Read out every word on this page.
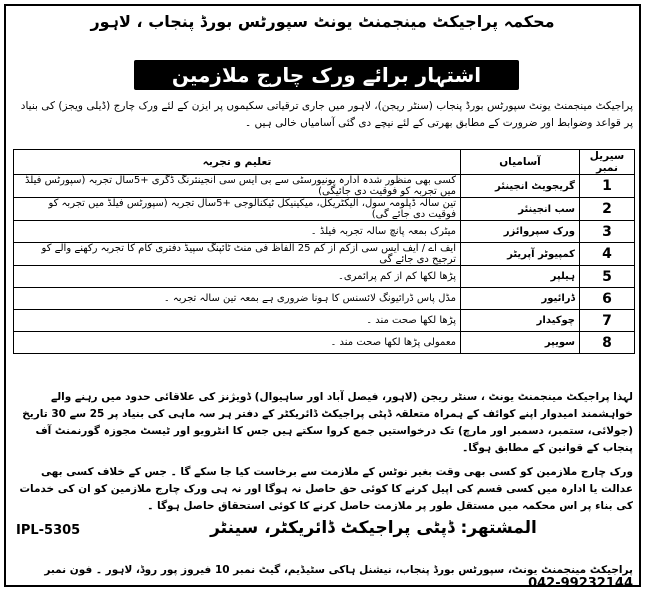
محکمہ پراجیکٹ مینجمنٹ یونٹ سپورٹس بورڈ پنجاب ، لاہور
اشتہار برائے ورک چارج ملازمین
پراجیکٹ مینجمنٹ یونٹ سپورٹس بورڈ پنجاب (سنٹر ریجن)، لاہور میں جاری ترقیاتی سکیموں پر ایزن کے لئے ورک چارج (ڈیلی ویجز) کی بنیاد پر قواعد وضوابط اور ضرورت کے مطابق بھرتی کے لئے نیچے دی گئی آسامیاں خالی ہیں ۔
سیریل نمبر	آسامیاں	تعلیم و تجربہ
1	گریجویٹ انجینئر	کسی بھی منظور شدہ ادارہ یونیورسٹی سے بی ایس سی انجینئرنگ ڈگری +5سال تجربہ (سپورٹس فیلڈ میں تجربہ کو فوقیت دی جائیگی)
2	سب انجینئر	تین سالہ ڈپلومہ سول، الیکٹریکل، میکینیکل ٹیکنالوجی +5سال تجربہ (سپورٹس فیلڈ میں تجربہ کو فوقیت دی جائے گی)
3	ورک سپروائزر	میٹرک بمعہ پانچ سالہ تجربہ فیلڈ ۔
4	کمپیوٹر آپریٹر	ایف اے / ایف ایس سی ازکم از کم 25 الفاظ فی منٹ ٹائپنگ سپیڈ دفتری کام کا تجربہ رکھنے والے کو ترجیح دی جائے گی
5	ہیلپر	پڑھا لکھا کم از کم پرائمری۔
6	ڈرائیور	مڈل پاس ڈرائیونگ لائسنس کا ہونا ضروری ہے بمعہ تین سالہ تجربہ ۔
7	چوکیدار	پڑھا لکھا صحت مند ۔
8	سویپر	معمولی پڑھا لکھا صحت مند ۔
لہذا پراجیکٹ مینجمنٹ یونٹ ، سنٹر ریجن (لاہور، فیصل آباد اور ساہیوال) ڈویژنز کی علاقائی حدود میں رہنے والے خواہشمند امیدوار اپنے کوائف کے ہمراہ متعلقہ ڈپٹی پراجیکٹ ڈائریکٹر کے دفتر ہر سہ ماہی کی بنیاد پر 25 سے 30 تاریخ (جولائی، ستمبر، دسمبر اور مارچ) تک درخواستیں جمع کروا سکتے ہیں جس کا انٹرویو اور ٹیسٹ مجوزہ گورنمنٹ آف پنجاب کے قوانین کے مطابق ہوگا۔
ورک چارج ملازمین کو کسی بھی وقت بغیر نوٹس کے ملازمت سے برخاست کیا جا سکے گا ۔ جس کے خلاف کسی بھی عدالت یا ادارہ میں کسی قسم کی اپیل کرنے کا کوئی حق حاصل نہ ہوگا اور نہ ہی ورک چارج ملازمین کو ان کی خدمات کی بناء پر اس محکمہ میں مستقل طور پر ملازمت حاصل کرنے کا کوئی استحقاق حاصل ہوگا ۔
IPL-5305	المشتھر: ڈپٹی پراجیکٹ ڈائریکٹر، سینٹر
پراجیکٹ مینجمنٹ یونٹ، سپورٹس بورڈ پنجاب، نیشنل ہاکی سٹیڈیم، گیٹ نمبر 10 فیروز پور روڈ، لاہور ۔ فون نمبر 042-99232144
